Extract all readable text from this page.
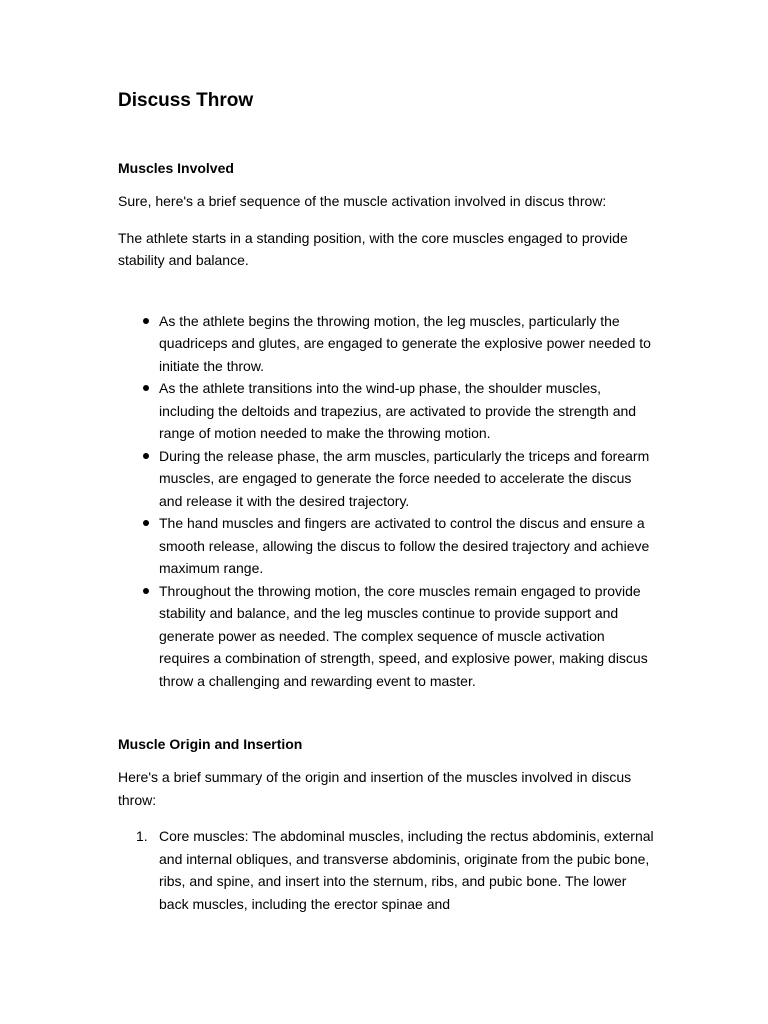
Discuss Throw
Muscles Involved

Sure, here's a brief sequence of the muscle activation involved in discus throw:

The athlete starts in a standing position, with the core muscles engaged to provide stability and balance.

As the athlete begins the throwing motion, the leg muscles, particularly the quadriceps and glutes, are engaged to generate the explosive power needed to initiate the throw.
As the athlete transitions into the wind-up phase, the shoulder muscles, including the deltoids and trapezius, are activated to provide the strength and range of motion needed to make the throwing motion.
During the release phase, the arm muscles, particularly the triceps and forearm muscles, are engaged to generate the force needed to accelerate the discus and release it with the desired trajectory.
The hand muscles and fingers are activated to control the discus and ensure a smooth release, allowing the discus to follow the desired trajectory and achieve maximum range.
Throughout the throwing motion, the core muscles remain engaged to provide stability and balance, and the leg muscles continue to provide support and generate power as needed. The complex sequence of muscle activation requires a combination of strength, speed, and explosive power, making discus throw a challenging and rewarding event to master.
Muscle Origin and Insertion

Here's a brief summary of the origin and insertion of the muscles involved in discus throw:

1. Core muscles: The abdominal muscles, including the rectus abdominis, external and internal obliques, and transverse abdominis, originate from the pubic bone, ribs, and spine, and insert into the sternum, ribs, and pubic bone. The lower back muscles, including the erector spinae and
